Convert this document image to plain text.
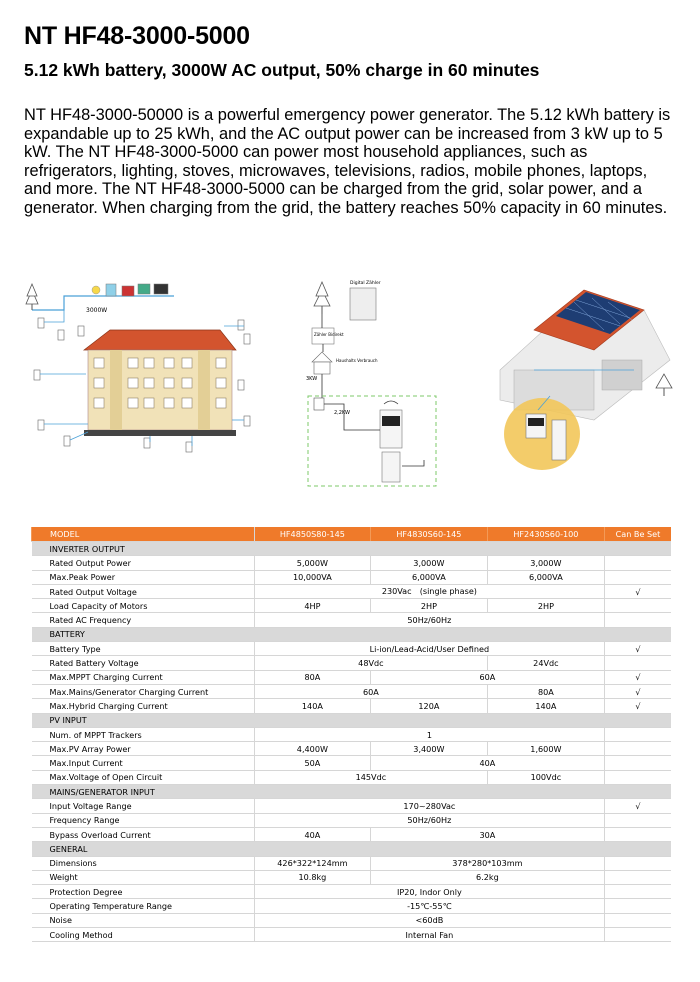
NT HF48-3000-5000
5.12 kWh battery, 3000W AC output, 50% charge in 60 minutes
NT HF48-3000-50000 is a powerful emergency power generator. The 5.12 kWh battery is expandable up to 25 kWh, and the AC output power can be increased from 3 kW up to 5 kW. The NT HF48-3000-5000 can power most household appliances, such as refrigerators, lighting, stoves, microwaves, televisions, radios, mobile phones, laptops, and more. The NT HF48-3000-5000 can be charged from the grid, solar power, and a generator. When charging from the grid, the battery reaches 50% capacity in 60 minutes.
3000W
Digital Zähler
Zähler Bidirekt
Haushalts Verbrauch
3KW
2,2KW
MODEL	HF4850S80-145	HF4830S60-145	HF2430S60-100	Can Be Set
INVERTER OUTPUT				
Rated Output Power	5,000W	3,000W	3,000W	
Max.Peak Power	10,000VA	6,000VA	6,000VA	
Rated Output Voltage	230Vac　(single phase)			√
Load Capacity of Motors	4HP	2HP	2HP	
Rated AC Frequency	50Hz/60Hz			
BATTERY				
Battery Type	Li-ion/Lead-Acid/User Defined			√
Rated Battery Voltage	48Vdc		24Vdc	
Max.MPPT Charging Current	80A	60A		√
Max.Mains/Generator Charging Current	60A		80A	√
Max.Hybrid Charging Current	140A	120A	140A	√
PV INPUT				
Num. of MPPT Trackers	1			
Max.PV Array Power	4,400W	3,400W	1,600W	
Max.Input Current	50A	40A		
Max.Voltage of Open Circuit	145Vdc		100Vdc	
MAINS/GENERATOR INPUT				
Input Voltage Range	170~280Vac			√
Frequency Range	50Hz/60Hz			
Bypass Overload Current	40A	30A		
GENERAL				
Dimensions	426*322*124mm	378*280*103mm		
Weight	10.8kg	6.2kg		
Protection Degree	IP20, Indor Only			
Operating Temperature Range	-15℃-55℃			
Noise	<60dB			
Cooling Method	Internal Fan			
